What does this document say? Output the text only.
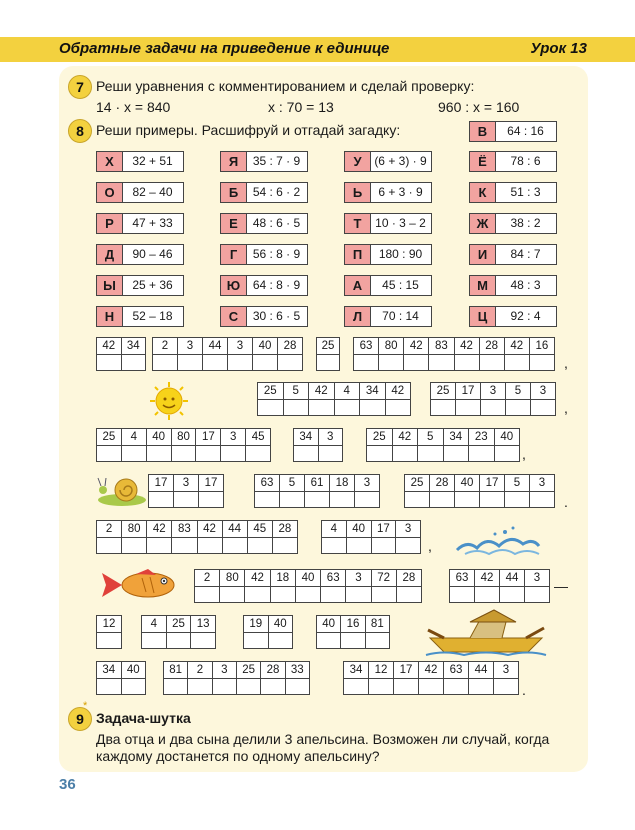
Обратные задачи на приведение к единице	Урок 13
7 Реши уравнения с комментированием и сделай проверку:
14 · x = 840	x : 70 = 13	960 : x = 160
8 Реши примеры. Расшифруй и отгадай загадку:	В	64 : 16
Х	32 + 51	Я	35 : 7 · 9	У	(6 + 3) · 9	Ё	78 : 6
О	82 – 40	Б	54 : 6 · 2	Ь	6 + 3 · 9	К	51 : 3
Р	47 + 33	Е	48 : 6 · 5	Т	10 · 3 – 2	Ж	38 : 2
Д	90 – 46	Г	56 : 8 · 9	П	180 : 90	И	84 : 7
Ы	25 + 36	Ю	64 : 8 · 9	А	45 : 15	М	48 : 3
Н	52 – 18	С	30 : 6 · 5	Л	70 : 14	Ц	92 : 4
42	34	2	3	44	3	40	28	25	63	80	42	83	42	28	42	16
25	5	42	4	34	42	25	17	3	5	3
25	4	40	80	17	3	45	34	3	25	42	5	34	23	40
17	3	17	63	5	61	18	3	25	28	40	17	5	3
2	80	42	83	42	44	45	28	4	40	17	3
2	80	42	18	40	63	3	72	28	63	42	44	3
12	4	25	13	19	40	40	16	81
34	40	81	2	3	25	28	33	34	12	17	42	63	44	3
,
,
,
.
,
—
.
9
*
Задача-шутка
Два отца и два сына делили 3 апельсина. Возможен ли случай, когда
каждому достанется по одному апельсину?
36
